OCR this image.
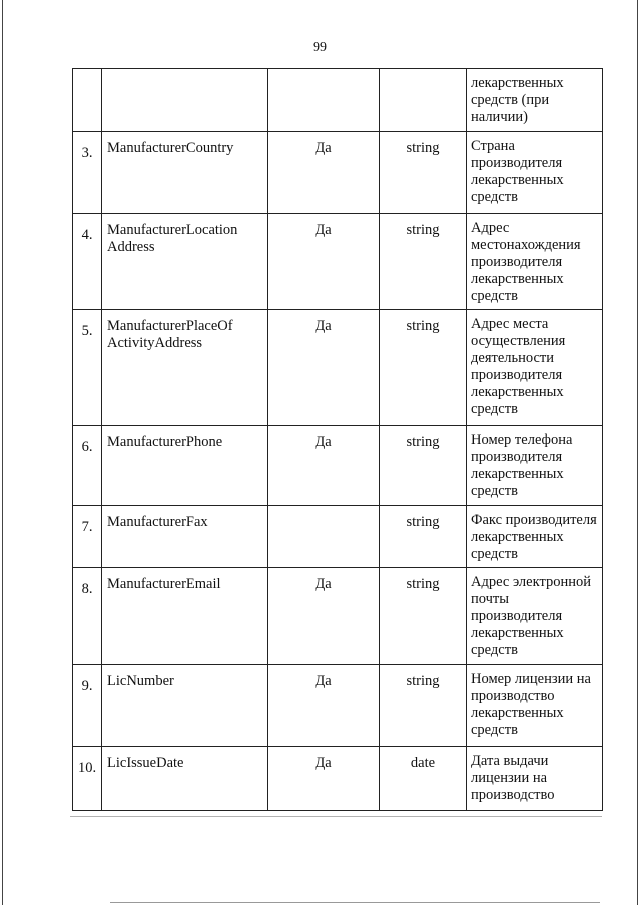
99
				лекарственных средств (при наличии)
3.	ManufacturerCountry	Да	string	Страна производителя лекарственных средств
4.	ManufacturerLocation Address	Да	string	Адрес местонахождения производителя лекарственных средств
5.	ManufacturerPlaceOf ActivityAddress	Да	string	Адрес места осуществления деятельности производителя лекарственных средств
6.	ManufacturerPhone	Да	string	Номер телефона производителя лекарственных средств
7.	ManufacturerFax		string	Факс производителя лекарственных средств
8.	ManufacturerEmail	Да	string	Адрес электронной почты производителя лекарственных средств
9.	LicNumber	Да	string	Номер лицензии на производство лекарственных средств
10.	LicIssueDate	Да	date	Дата выдачи лицензии на производство
